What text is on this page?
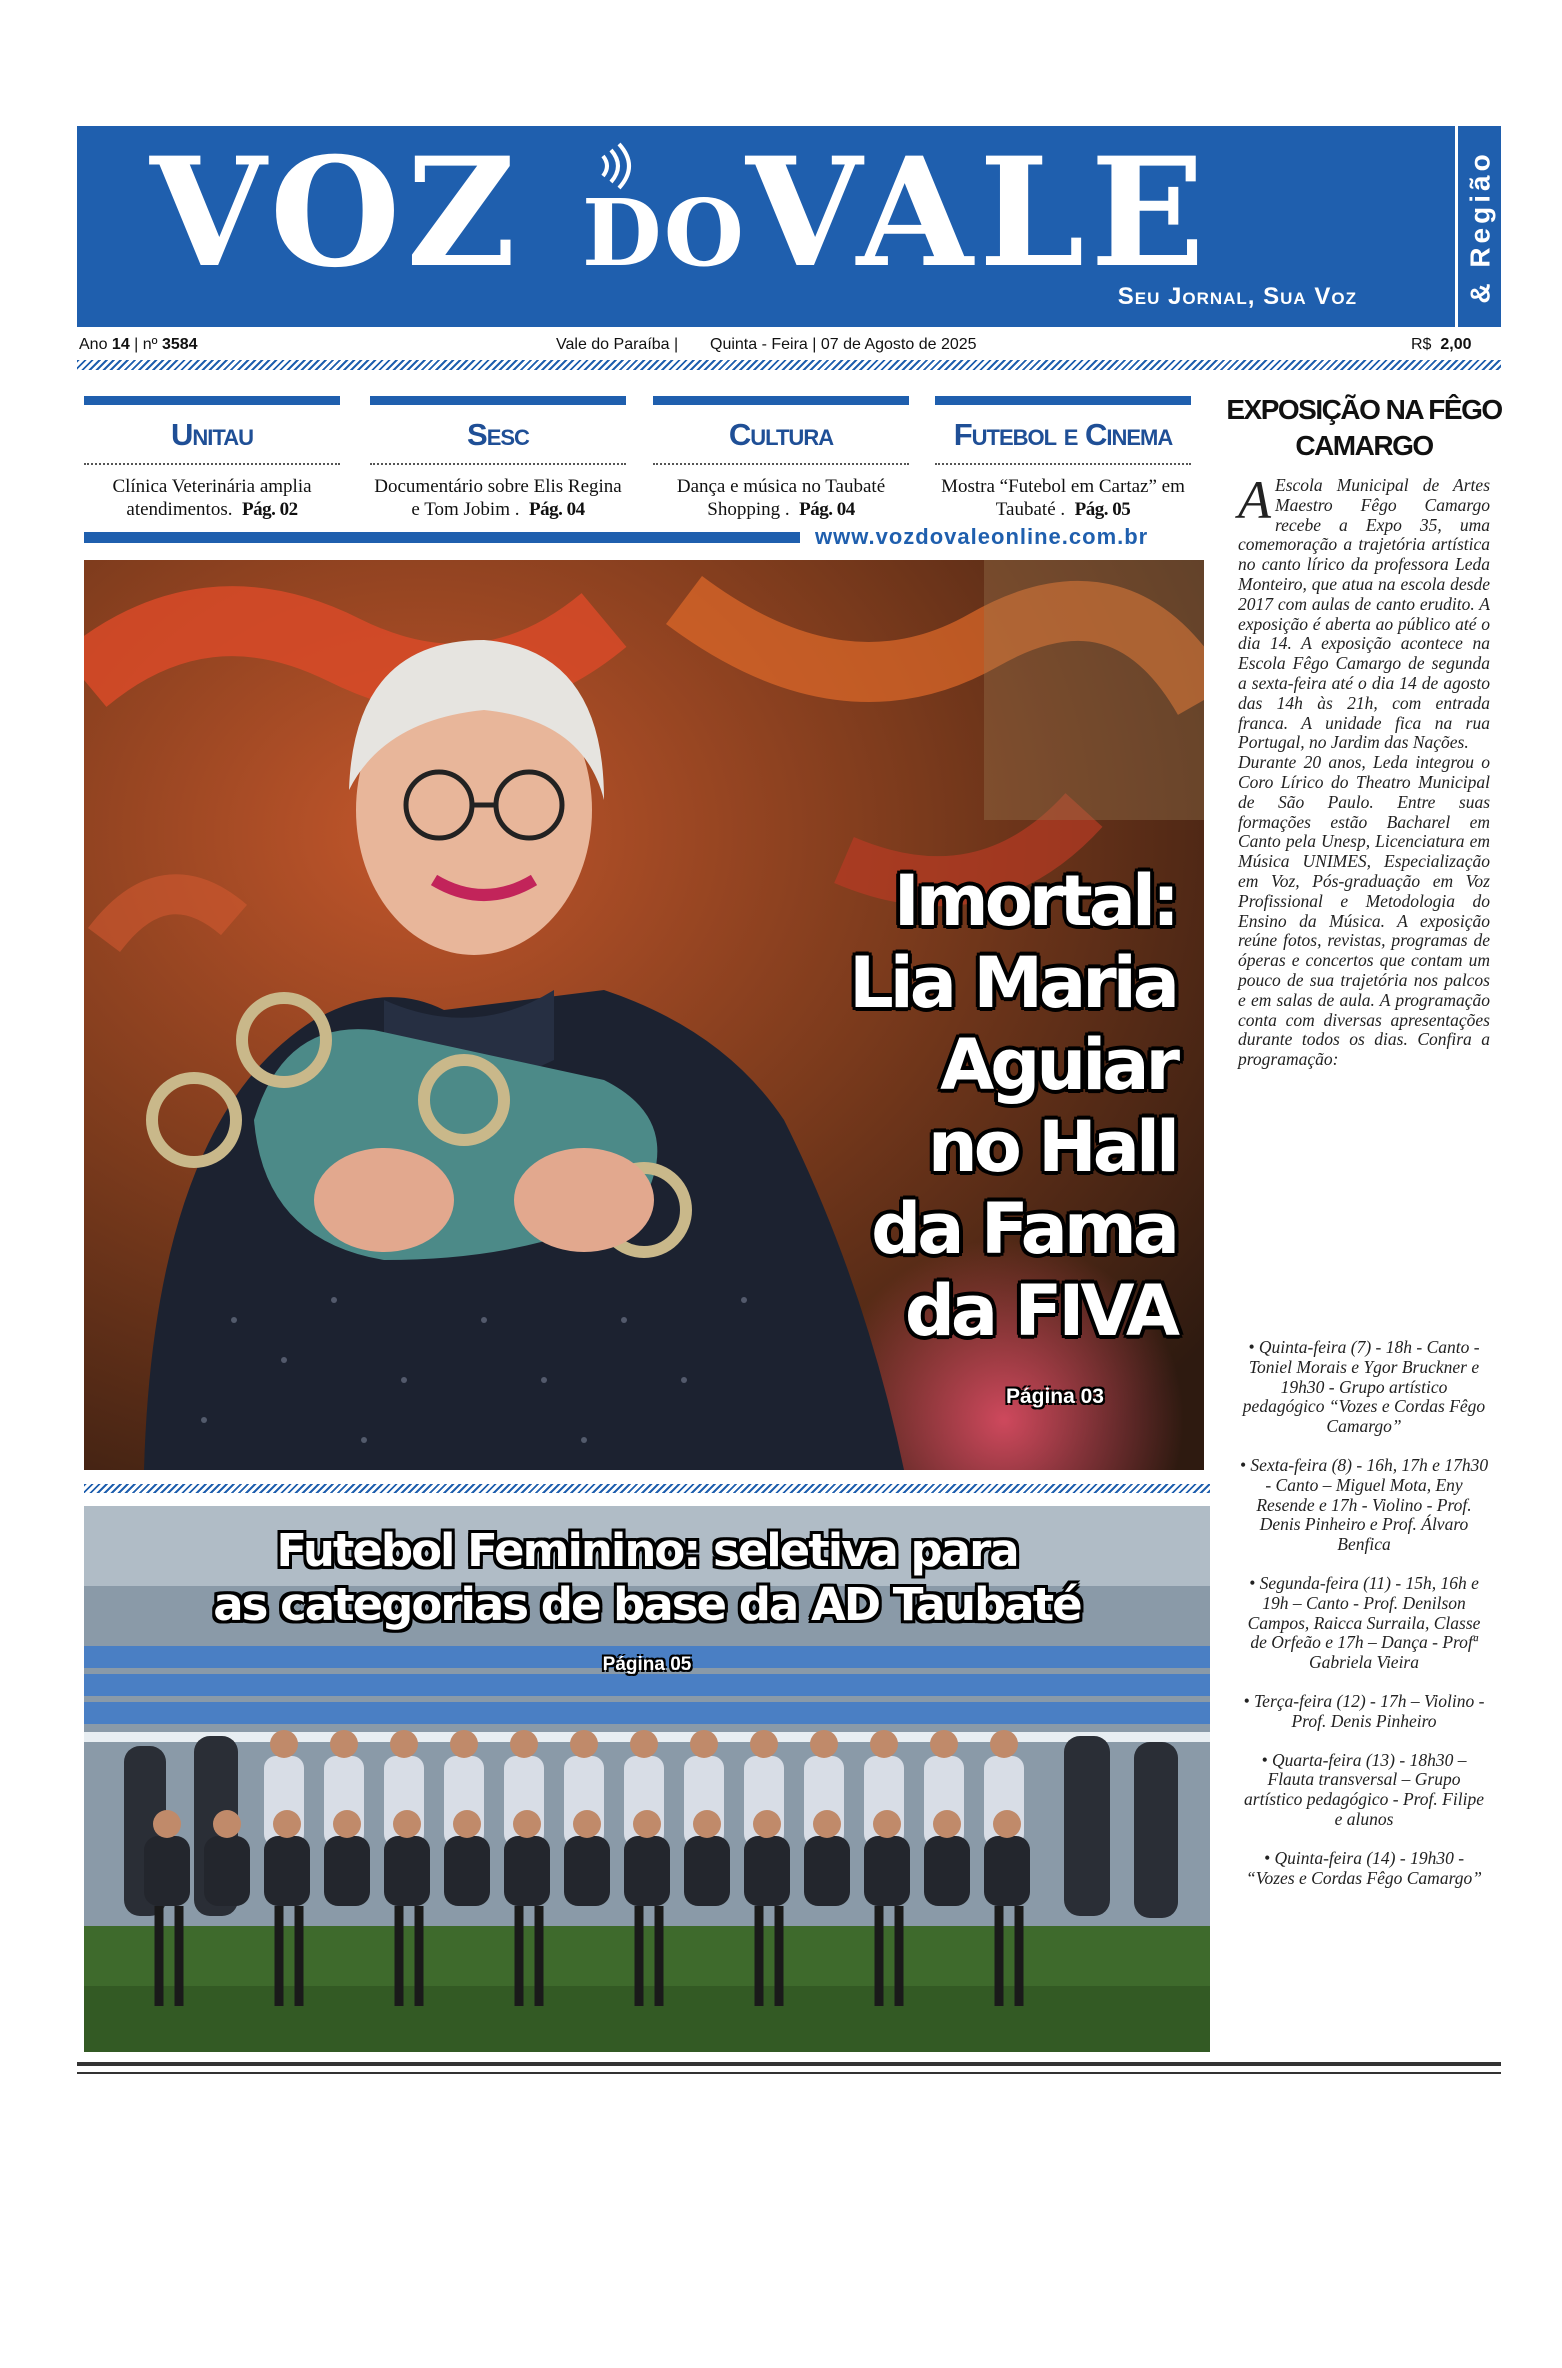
VOZ DOVALE
Seu Jornal, Sua Voz	& Região
Ano 14 | nº 3584	Vale do Paraíba | Quinta - Feira | 07 de Agosto de 2025	R$ 2,00
Unitau
Clínica Veterinária amplia atendimentos. Pág. 02
Sesc
Documentário sobre Elis Regina e Tom Jobim . Pág. 04
Cultura
Dança e música no Taubaté Shopping . Pág. 04
Futebol e Cinema
Mostra “Futebol em Cartaz” em Taubaté . Pág. 05
www.vozdovaleonline.com.br
Imortal:
Lia Maria
Aguiar
no Hall
da Fama
da FIVA
Página 03
Futebol Feminino: seletiva para
as categorias de base da AD Taubaté
Página 05
EXPOSIÇÃO NA FÊGO
CAMARGO
A Escola Municipal de Artes Maestro Fêgo Camargo recebe a Expo 35, uma comemoração a trajetória artística no canto lírico da professora Leda Monteiro, que atua na escola desde 2017 com aulas de canto erudito. A exposição é aberta ao público até o dia 14. A exposição acontece na Escola Fêgo Camargo de segunda a sexta-feira até o dia 14 de agosto das 14h às 21h, com entrada franca. A unidade fica na rua Portugal, no Jardim das Nações.
Durante 20 anos, Leda integrou o Coro Lírico do Theatro Municipal de São Paulo. Entre suas formações estão Bacharel em Canto pela Unesp, Licenciatura em Música UNIMES, Especialização em Voz, Pós-graduação em Voz Profissional e Metodologia do Ensino da Música. A exposição reúne fotos, revistas, programas de óperas e concertos que contam um pouco de sua trajetória nos palcos e em salas de aula. A programação conta com diversas apresentações durante todos os dias. Confira a programação:
• Quinta-feira (7) - 18h - Canto - Toniel Morais e Ygor Bruckner e 19h30 - Grupo artístico pedagógico “Vozes e Cordas Fêgo Camargo”
• Sexta-feira (8) - 16h, 17h e 17h30 - Canto – Miguel Mota, Eny Resende e 17h - Violino - Prof. Denis Pinheiro e Prof. Álvaro Benfica
• Segunda-feira (11) - 15h, 16h e 19h – Canto - Prof. Denilson Campos, Raicca Surraila, Classe de Orfeão e 17h – Dança - Profª Gabriela Vieira
• Terça-feira (12) - 17h – Violino - Prof. Denis Pinheiro
• Quarta-feira (13) - 18h30 – Flauta transversal – Grupo artístico pedagógico - Prof. Filipe e alunos
• Quinta-feira (14) - 19h30 - “Vozes e Cordas Fêgo Camargo”
